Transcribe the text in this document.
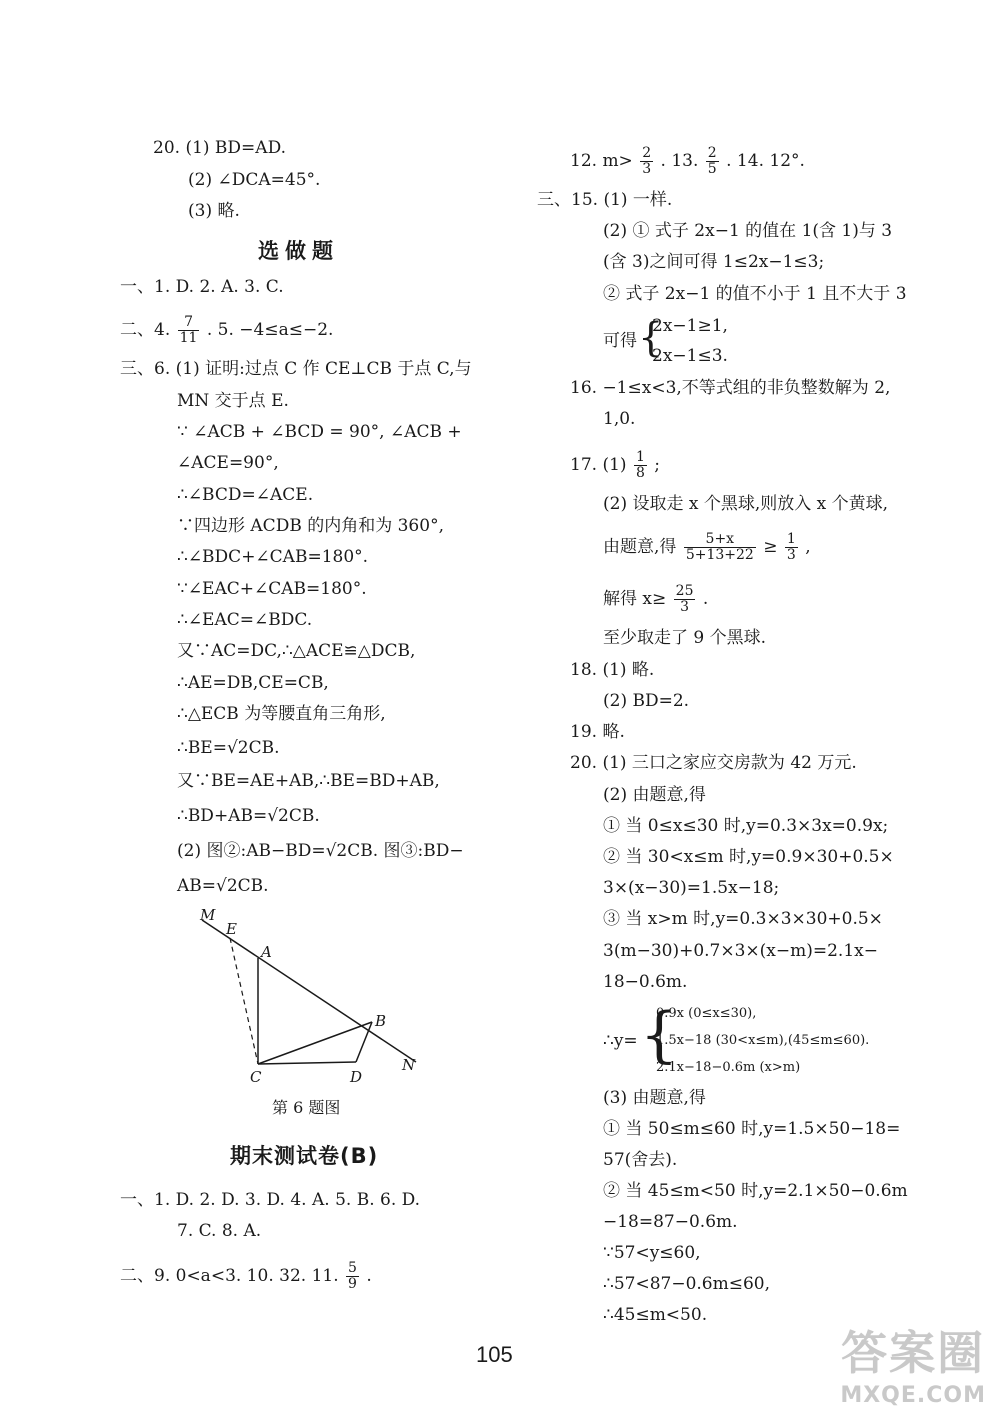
20. (1) BD=AD.
(2) ∠DCA=45°.
(3) 略.
选做题
一、1. D. 2. A. 3. C.
二、4. $\frac{7}{11}$ . 5. −4≤a≤−2.
三、6. (1) 证明:过点 C 作 CE⊥CB 于点 C,与
MN 交于点 E.
∵ ∠ACB + ∠BCD = 90°, ∠ACB +
∠ACE=90°,
∴∠BCD=∠ACE.
∵四边形 ACDB 的内角和为 360°,
∴∠BDC+∠CAB=180°.
∵∠EAC+∠CAB=180°.
∴∠EAC=∠BDC.
又∵AC=DC,∴△ACE≌△DCB,
∴AE=DB,CE=CB,
∴△ECB 为等腰直角三角形,
∴BE=√2CB.
又∵BE=AE+AB,∴BE=BD+AB,
∴BD+AB=√2CB.
(2) 图②:AB−BD=√2CB. 图③:BD−
AB=√2CB.
M
E
A
B
C	D
N
第 6 题图
期末测试卷(B)
一、1. D. 2. D. 3. D. 4. A. 5. B. 6. D.
7. C. 8. A.
二、9. 0<a<3. 10. 32. 11. $\frac{5}{9}$ .
12. $m> \frac{2}{3}$ . 13. $\frac{2}{5}$ . 14. 12°.
三、15. (1) 一样.
(2) ① 式子 2x−1 的值在 1(含 1)与 3
(含 3)之间可得 1≤2x−1≤3;
② 式子 2x−1 的值不小于 1 且不大于 3
可得 {
2x−1≥1,
2x−1≤3.
16. −1≤x<3,不等式组的非负整数解为 2,
1,0.
17. $(1) \frac{1}{8}$ ;
(2) 设取走 x 个黑球,则放入 x 个黄球,
由题意,得 $\frac{5+x}{5+13+22} \ge \frac{1}{3}$ ,
解得 $x\ge \frac{25}{3}$ .
至少取走了 9 个黑球.
18. (1) 略.
(2) BD=2.
19. 略.
20. (1) 三口之家应交房款为 42 万元.
(2) 由题意,得
① 当 0≤x≤30 时,y=0.3×3x=0.9x;
② 当 30<x≤m 时,y=0.9×30+0.5×
3×(x−30)=1.5x−18;
③ 当 x>m 时,y=0.3×3×30+0.5×
3(m−30)+0.7×3×(x−m)=2.1x−
18−0.6m.
∴y= {
0.9x (0≤x≤30),
1.5x−18 (30<x≤m),(45≤m≤60).
2.1x−18−0.6m (x>m)
(3) 由题意,得
① 当 50≤m≤60 时,y=1.5×50−18=
57(舍去).
② 当 45≤m<50 时,y=2.1×50−0.6m
−18=87−0.6m.
∵57<y≤60,
∴57<87−0.6m≤60,
∴45≤m<50.
105	答案圈
MXQE.COM
